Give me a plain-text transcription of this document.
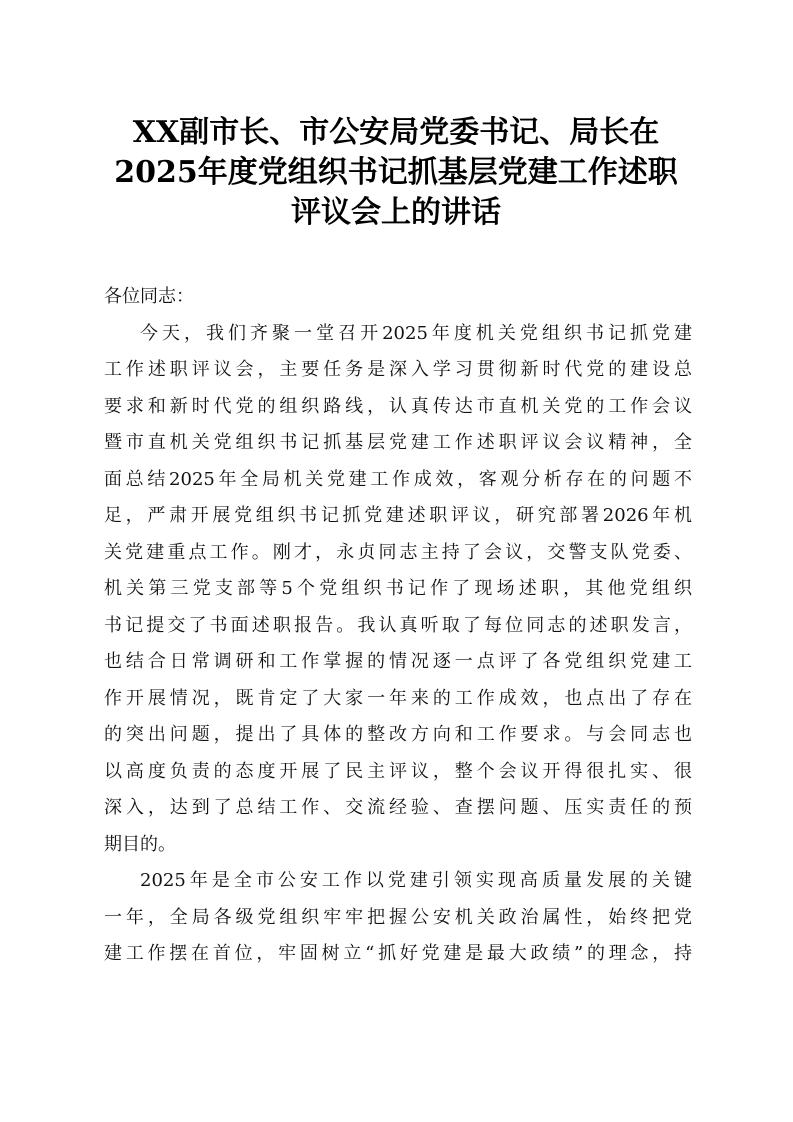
XX副市长、市公安局党委书记、局长在
2025年度党组织书记抓基层党建工作述职
评议会上的讲话
各位同志：
今天，我们齐聚一堂召开2025年度机关党组织书记抓党建
工作述职评议会，主要任务是深入学习贯彻新时代党的建设总
要求和新时代党的组织路线，认真传达市直机关党的工作会议
暨市直机关党组织书记抓基层党建工作述职评议会议精神，全
面总结2025年全局机关党建工作成效，客观分析存在的问题不
足，严肃开展党组织书记抓党建述职评议，研究部署2026年机
关党建重点工作。刚才，永贞同志主持了会议，交警支队党委、
机关第三党支部等5个党组织书记作了现场述职，其他党组织
书记提交了书面述职报告。我认真听取了每位同志的述职发言，
也结合日常调研和工作掌握的情况逐一点评了各党组织党建工
作开展情况，既肯定了大家一年来的工作成效，也点出了存在
的突出问题，提出了具体的整改方向和工作要求。与会同志也
以高度负责的态度开展了民主评议，整个会议开得很扎实、很
深入，达到了总结工作、交流经验、查摆问题、压实责任的预
期目的。
2025年是全市公安工作以党建引领实现高质量发展的关键
一年，全局各级党组织牢牢把握公安机关政治属性，始终把党
建工作摆在首位，牢固树立“抓好党建是最大政绩”的理念，持
